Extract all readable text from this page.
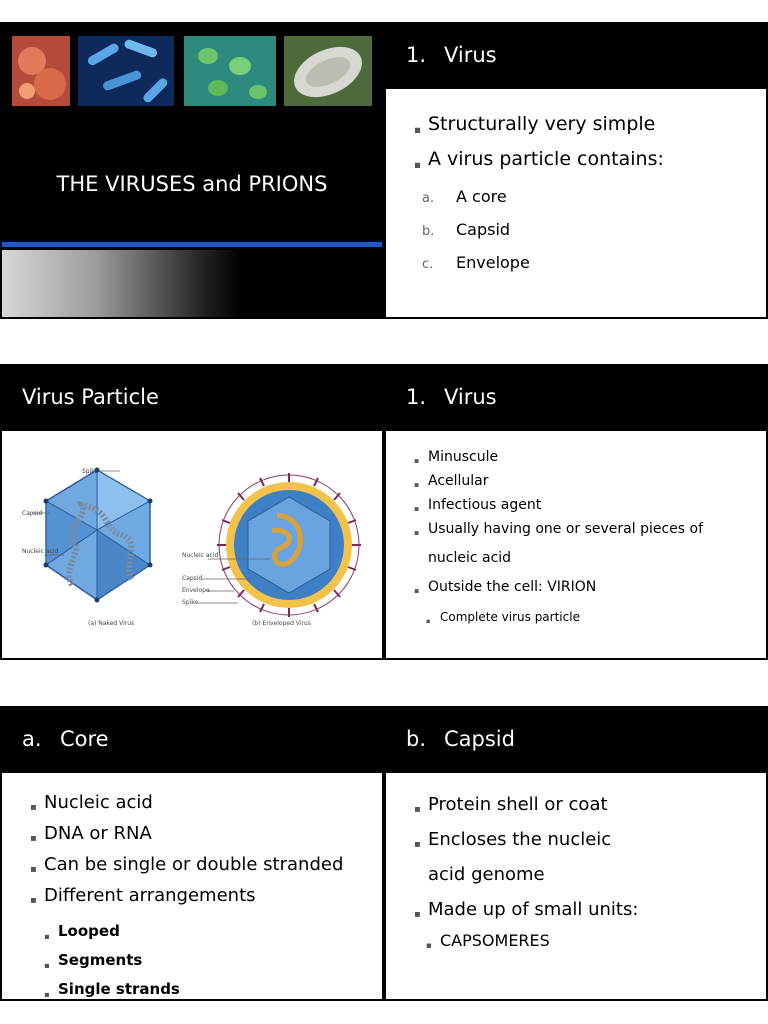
THE VIRUSES and PRIONS
1. Virus
▪ Structurally very simple
▪ A virus particle contains:
a. A core
b. Capsid
c. Envelope
Virus Particle
Spike
Capsid
Nucleic acid
(a) Naked Virus
Nucleic acid
Capsid
Envelope
Spike
(b) Enveloped Virus
1. Virus
▪ Minuscule
▪ Acellular
▪ Infectious agent
▪ Usually having one or several pieces of
nucleic acid
▪ Outside the cell: VIRION
▪ Complete virus particle
a. Core
▪ Nucleic acid
▪ DNA or RNA
▪ Can be single or double stranded
▪ Different arrangements
▪ Looped
▪ Segments
▪ Single strands
b. Capsid
▪ Protein shell or coat
▪ Encloses the nucleic
acid genome
▪ Made up of small units:
▪ CAPSOMERES
